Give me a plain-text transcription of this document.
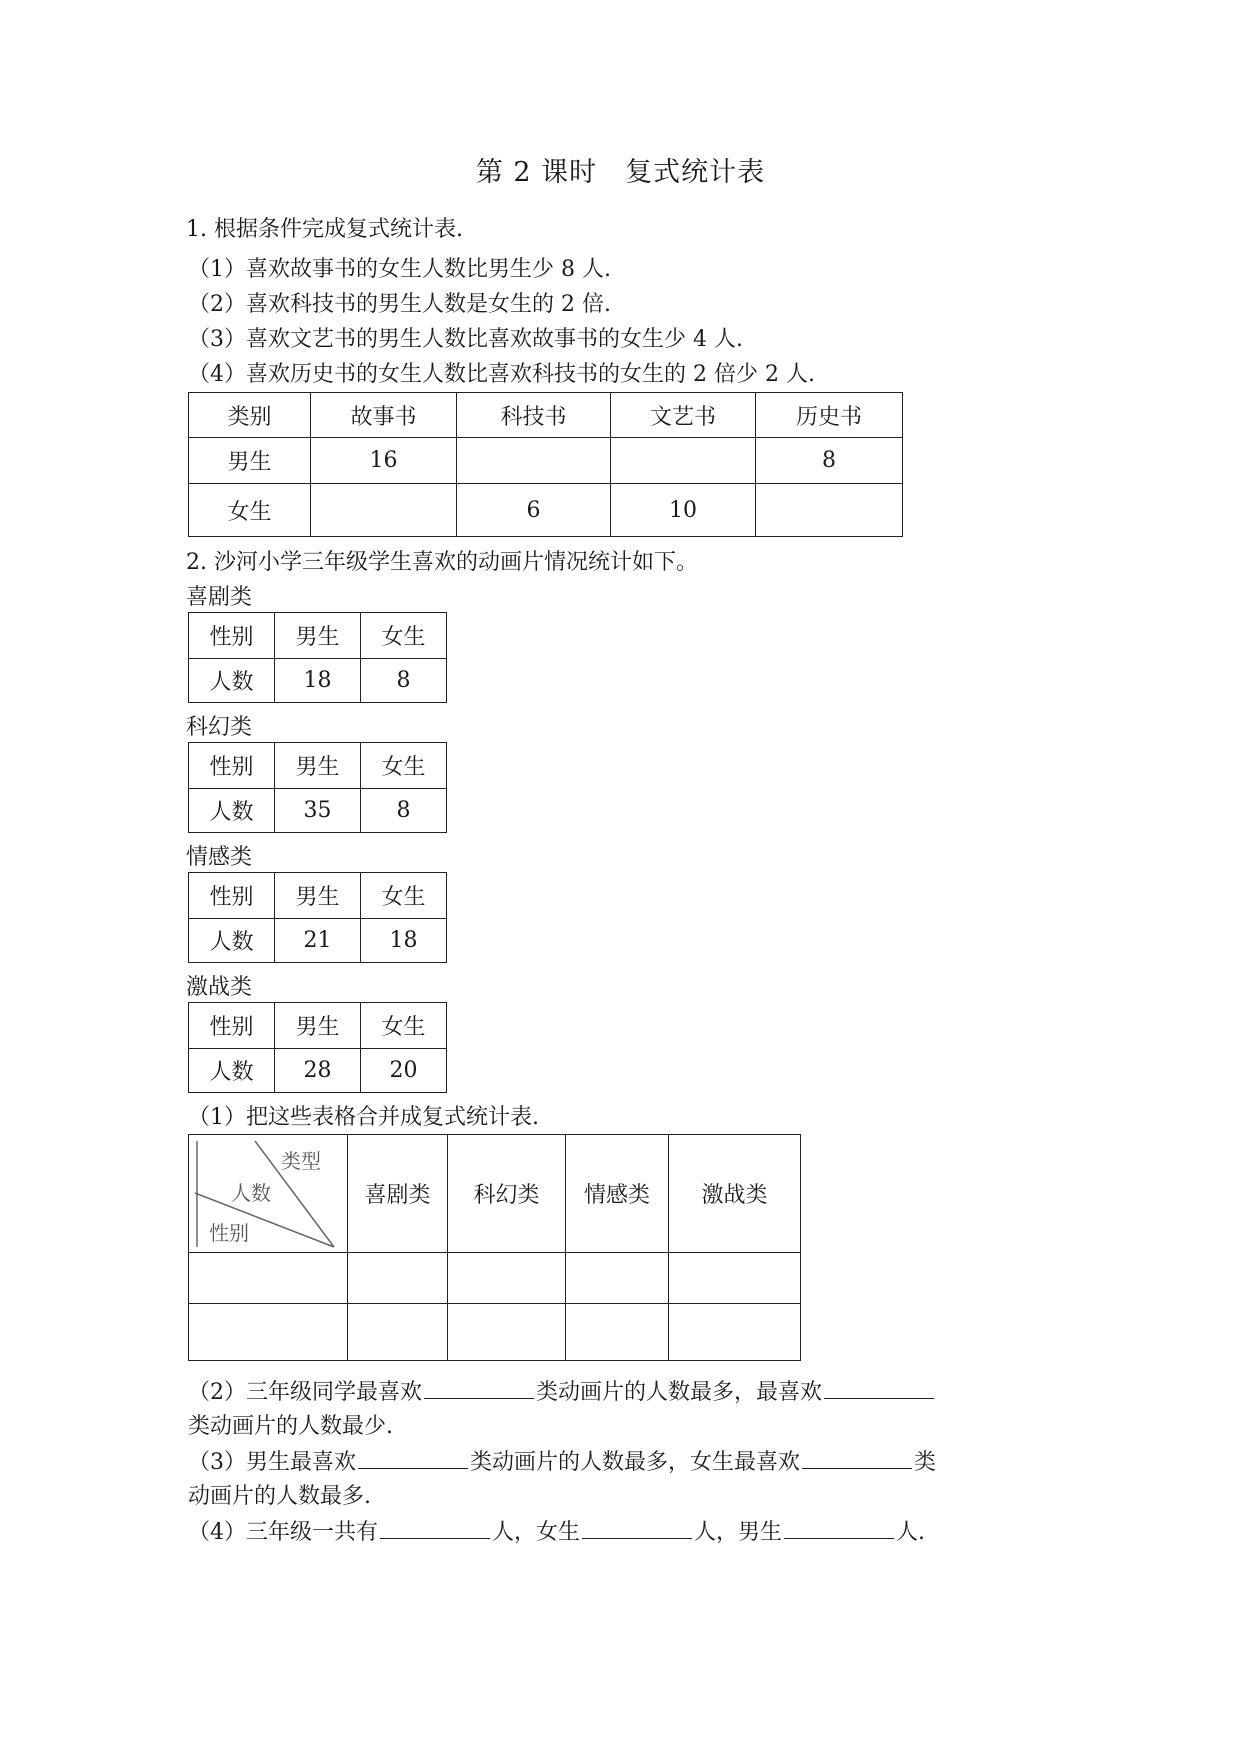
第 2 课时　复式统计表
1. 根据条件完成复式统计表.
（1）喜欢故事书的女生人数比男生少 8 人.
（2）喜欢科技书的男生人数是女生的 2 倍.
（3）喜欢文艺书的男生人数比喜欢故事书的女生少 4 人.
（4）喜欢历史书的女生人数比喜欢科技书的女生的 2 倍少 2 人.
类别	故事书	科技书	文艺书	历史书
男生	16			8
女生		6	10	
2. 沙河小学三年级学生喜欢的动画片情况统计如下。
喜剧类
性别	男生	女生
人数	18	8
科幻类
性别	男生	女生
人数	35	8
情感类
性别	男生	女生
人数	21	18
激战类
性别	男生	女生
人数	28	20
（1）把这些表格合并成复式统计表.
类型
人数
性别	喜剧类	科幻类	情感类	激战类

（2）三年级同学最喜欢	类动画片的人数最多，最喜欢
类动画片的人数最少.
（3）男生最喜欢	类动画片的人数最多，女生最喜欢	类
动画片的人数最多.
（4）三年级一共有	人，女生	人，男生	人.
